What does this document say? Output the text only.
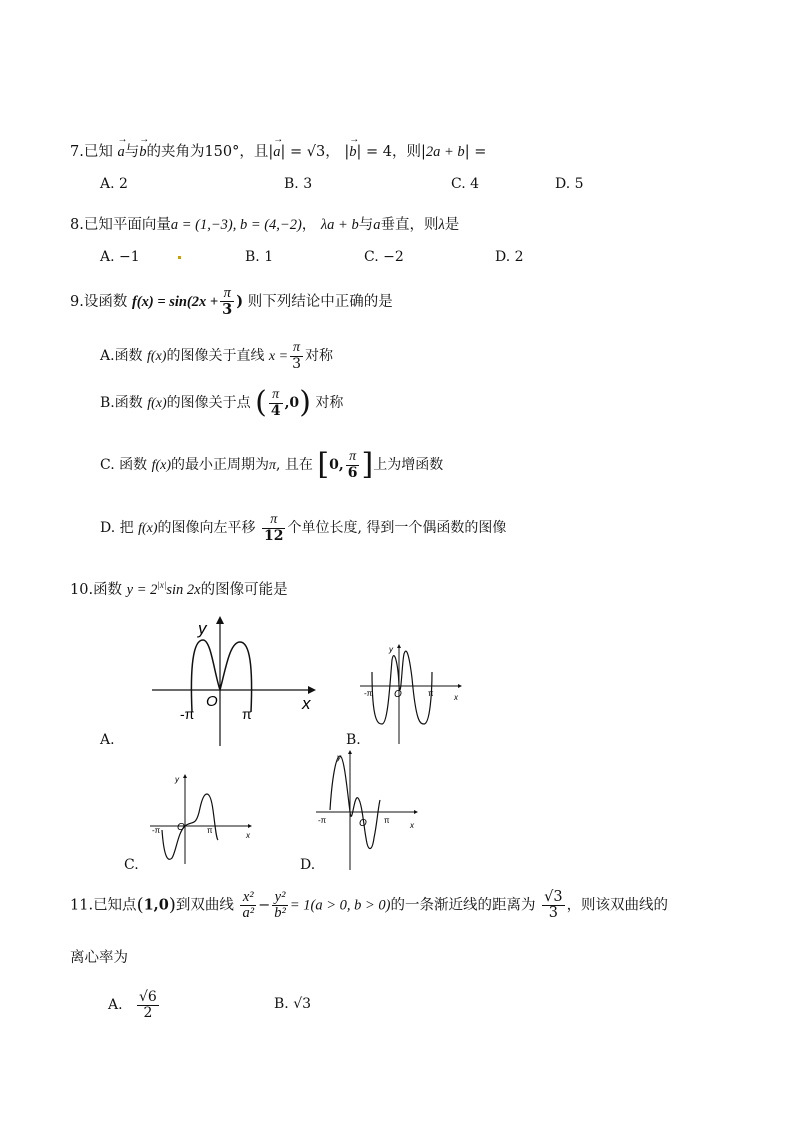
7.已知 → a与→ b的夹角为150°，且|→ a| = √3， |→ b| = 4，则|2a + b| =
A. 2	B. 3	C. 4	D. 5
8.已知平面向量a = (1,−3), b = (4,−2)， λa + b与a垂直，则λ是
A. −1	B. 1	C. −2	D. 2
9.设函数 $f(x) = \sin(2x + \frac{\pi}{3}$ ) 则下列结论中正确的是
A.函数 f(x)的图像关于直线 $x = \frac{\pi}{3}$ 对称
B.函数 f(x)的图像关于点 ( $\frac{\pi}{4} ,0$) 对称
C. 函数 f(x)的最小正周期为π, 且在 [0, $\frac{\pi}{6}$ ]上为增函数
D. 把 f(x)的图像向左平移 $\frac{\pi}{12}$ 个单位长度, 得到一个偶函数的图像
10.函数 $y = 2^{|x|}\sin$ 2x的图像可能是
y
x
O
-π	π
A.
y
x
O
-π	π
B.
y
x
O
-π	π
C.
y
x
O
-π	π
D.
11.已知点(1,0)到双曲线 $\frac{\text{x²}}{\text{a²}} - \frac{\text{y²}}{\text{b²}} = 1(a > 0$, b > 0)的一条渐近线的距离为 $\frac{√3}{3}$ ，则该双曲线的
离心率为
A. $\frac{√6}{2}$	B. √3
